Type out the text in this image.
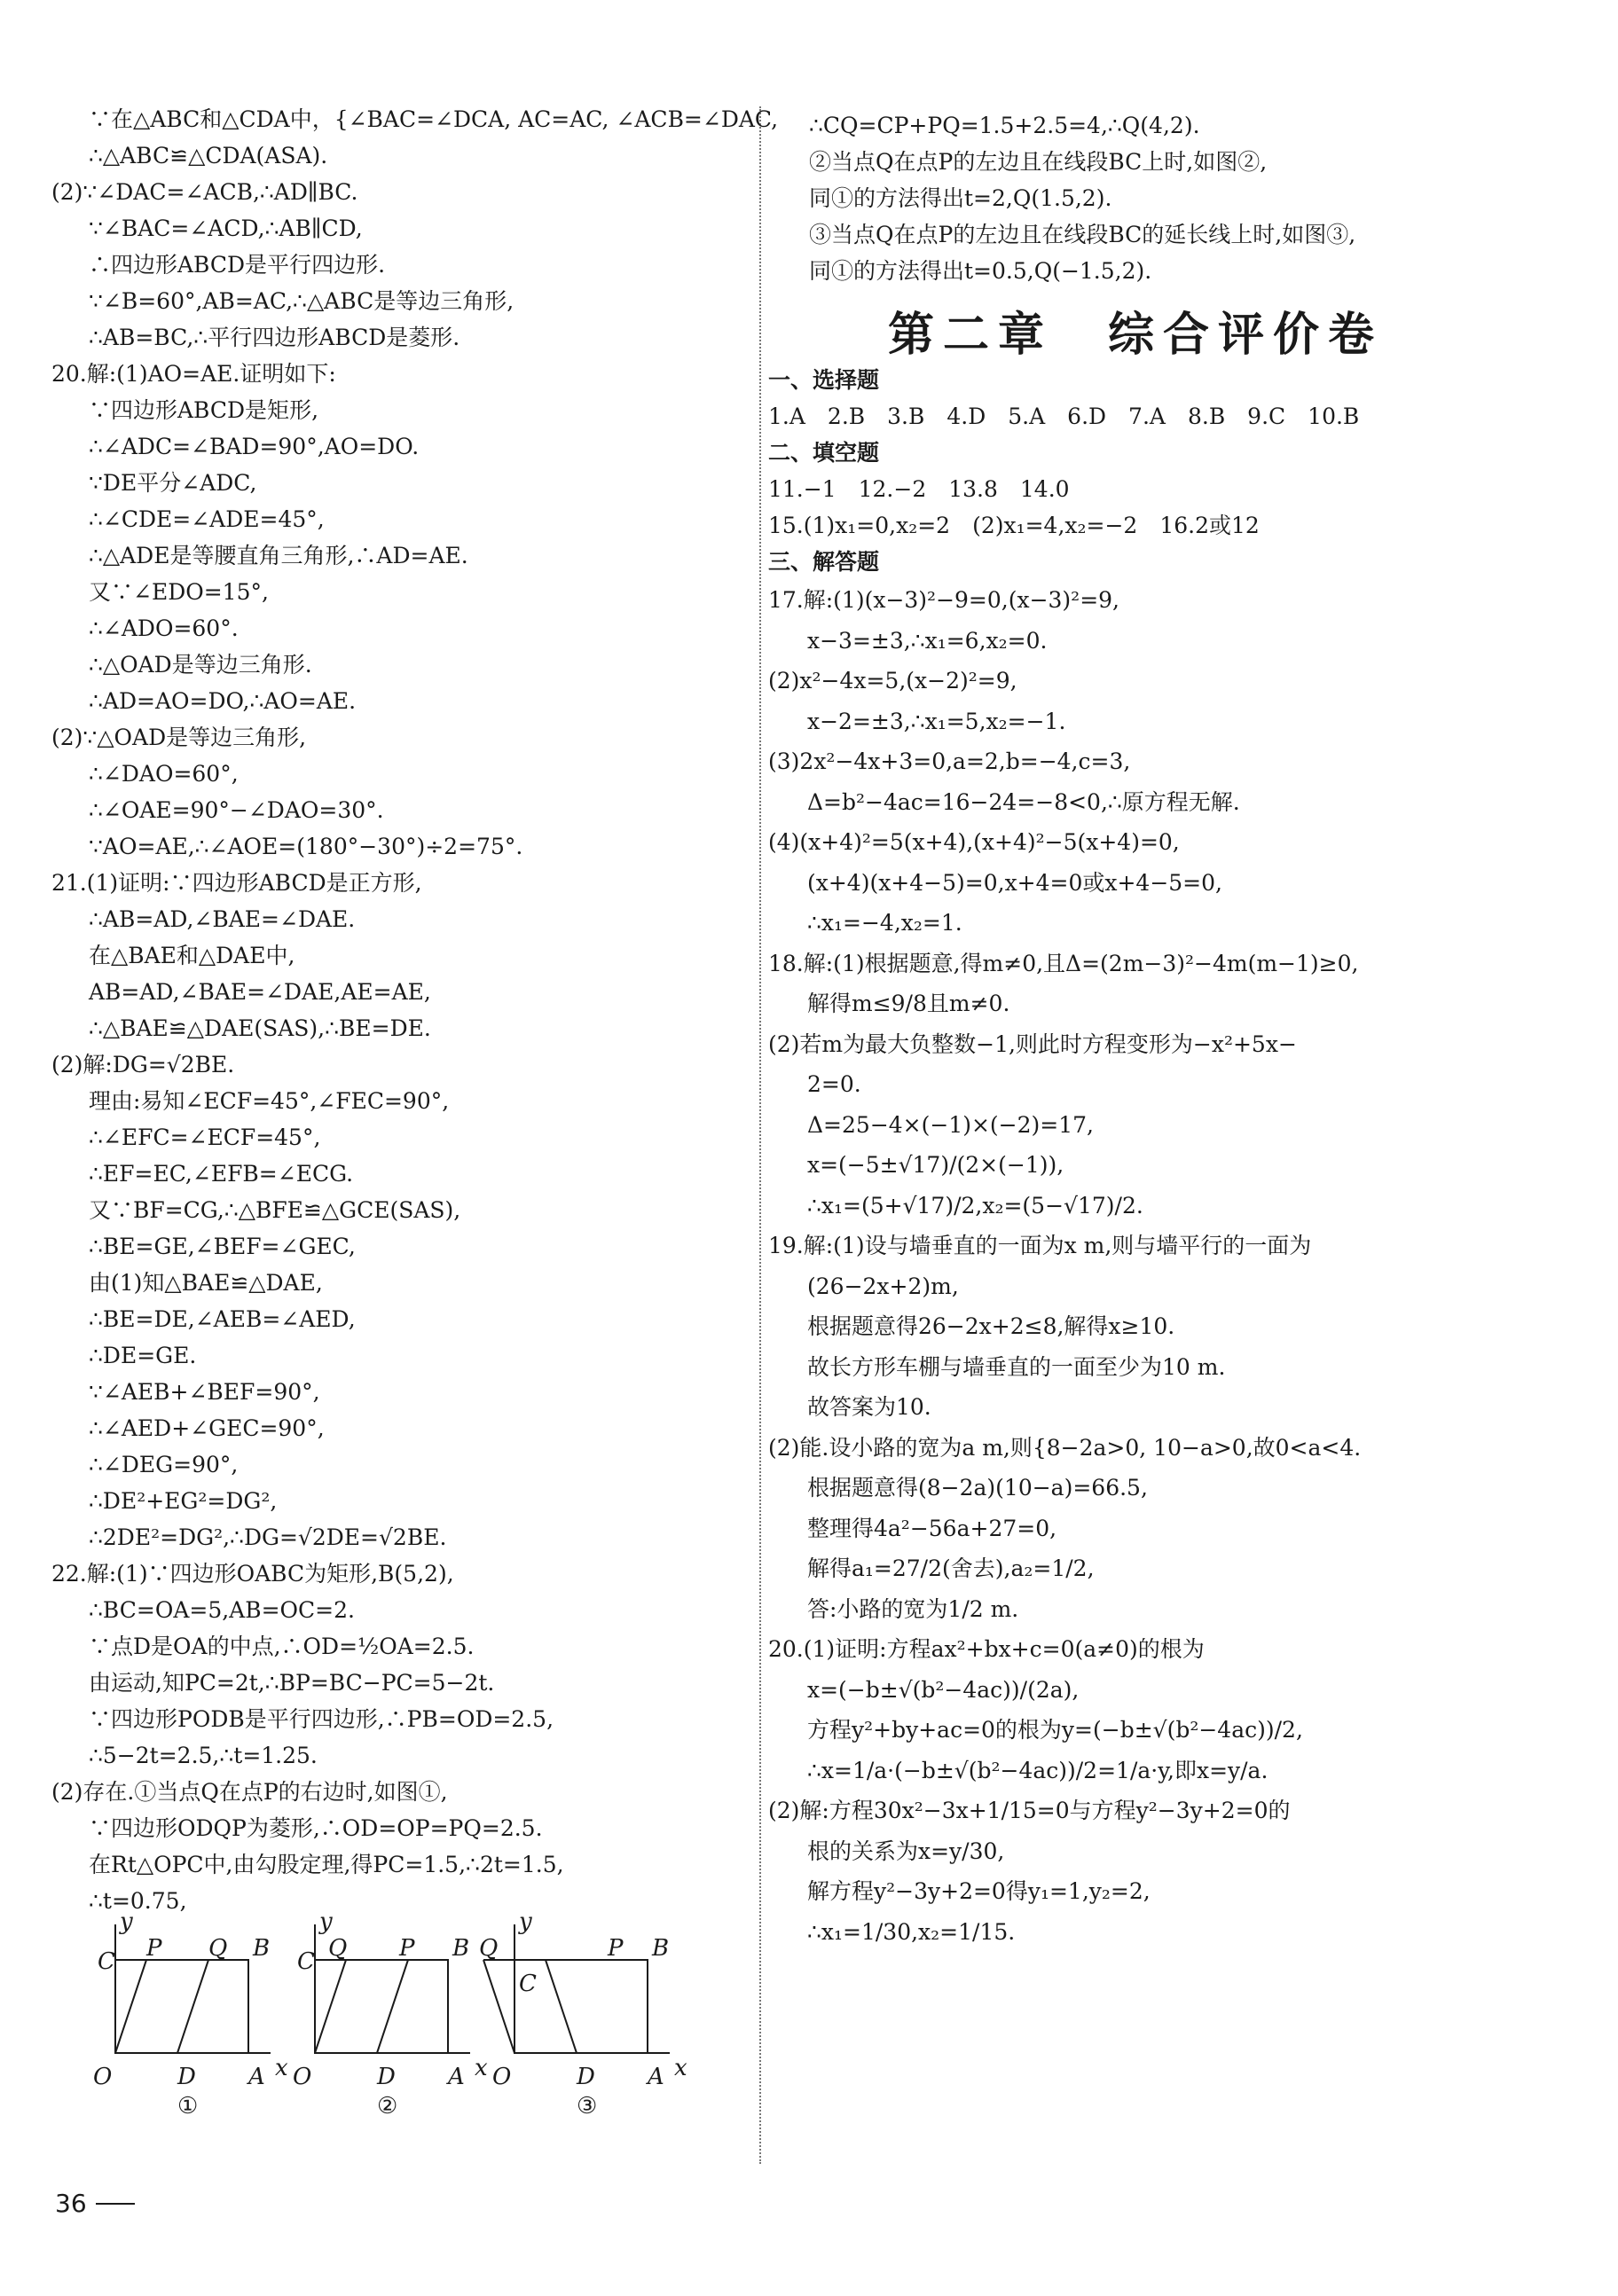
∵在△ABC和△CDA中，{∠BAC=∠DCA, AC=AC, ∠ACB=∠DAC,
∴△ABC≌△CDA(ASA).
(2)∵∠DAC=∠ACB,∴AD∥BC.
∵∠BAC=∠ACD,∴AB∥CD,
∴四边形ABCD是平行四边形.
∵∠B=60°,AB=AC,∴△ABC是等边三角形,
∴AB=BC,∴平行四边形ABCD是菱形.
20.解:(1)AO=AE.证明如下:
∵四边形ABCD是矩形,
∴∠ADC=∠BAD=90°,AO=DO.
∵DE平分∠ADC,
∴∠CDE=∠ADE=45°,
∴△ADE是等腰直角三角形,∴AD=AE.
又∵∠EDO=15°,
∴∠ADO=60°.
∴△OAD是等边三角形.
∴AD=AO=DO,∴AO=AE.
(2)∵△OAD是等边三角形,
∴∠DAO=60°,
∴∠OAE=90°−∠DAO=30°.
∵AO=AE,∴∠AOE=(180°−30°)÷2=75°.
21.(1)证明:∵四边形ABCD是正方形,
∴AB=AD,∠BAE=∠DAE.
在△BAE和△DAE中,
AB=AD,∠BAE=∠DAE,AE=AE,
∴△BAE≌△DAE(SAS),∴BE=DE.
(2)解:DG=√2BE.
理由:易知∠ECF=45°,∠FEC=90°,
∴∠EFC=∠ECF=45°,
∴EF=EC,∠EFB=∠ECG.
又∵BF=CG,∴△BFE≌△GCE(SAS),
∴BE=GE,∠BEF=∠GEC,
由(1)知△BAE≌△DAE,
∴BE=DE,∠AEB=∠AED,
∴DE=GE.
∵∠AEB+∠BEF=90°,
∴∠AED+∠GEC=90°,
∴∠DEG=90°,
∴DE²+EG²=DG²,
∴2DE²=DG²,∴DG=√2DE=√2BE.
22.解:(1)∵四边形OABC为矩形,B(5,2),
∴BC=OA=5,AB=OC=2.
∵点D是OA的中点,∴OD=½OA=2.5.
由运动,知PC=2t,∴BP=BC−PC=5−2t.
∵四边形PODB是平行四边形,∴PB=OD=2.5,
∴5−2t=2.5,∴t=1.25.
(2)存在.①当点Q在点P的右边时,如图①,
∵四边形ODQP为菱形,∴OD=OP=PQ=2.5.
在Rt△OPC中,由勾股定理,得PC=1.5,∴2t=1.5,
∴t=0.75,
∴CQ=CP+PQ=1.5+2.5=4,∴Q(4,2).
②当点Q在点P的左边且在线段BC上时,如图②,
同①的方法得出t=2,Q(1.5,2).
③当点Q在点P的左边且在线段BC的延长线上时,如图③,
同①的方法得出t=0.5,Q(−1.5,2).
第二章　综合评价卷
一、选择题
1.A　2.B　3.B　4.D　5.A　6.D　7.A　8.B　9.C　10.B
二、填空题
11.−1　12.−2　13.8　14.0
15.(1)x₁=0,x₂=2　(2)x₁=4,x₂=−2　16.2或12
三、解答题
17.解:(1)(x−3)²−9=0,(x−3)²=9,
x−3=±3,∴x₁=6,x₂=0.
(2)x²−4x=5,(x−2)²=9,
x−2=±3,∴x₁=5,x₂=−1.
(3)2x²−4x+3=0,a=2,b=−4,c=3,
Δ=b²−4ac=16−24=−8<0,∴原方程无解.
(4)(x+4)²=5(x+4),(x+4)²−5(x+4)=0,
(x+4)(x+4−5)=0,x+4=0或x+4−5=0,
∴x₁=−4,x₂=1.
18.解:(1)根据题意,得m≠0,且Δ=(2m−3)²−4m(m−1)≥0,
解得m≤9/8且m≠0.
(2)若m为最大负整数−1,则此时方程变形为−x²+5x−
2=0.
Δ=25−4×(−1)×(−2)=17,
x=(−5±√17)/(2×(−1)),
∴x₁=(5+√17)/2,x₂=(5−√17)/2.
19.解:(1)设与墙垂直的一面为x m,则与墙平行的一面为
(26−2x+2)m,
根据题意得26−2x+2≤8,解得x≥10.
故长方形车棚与墙垂直的一面至少为10 m.
故答案为10.
(2)能.设小路的宽为a m,则{8−2a>0, 10−a>0,故0<a<4.
根据题意得(8−2a)(10−a)=66.5,
整理得4a²−56a+27=0,
解得a₁=27/2(舍去),a₂=1/2,
答:小路的宽为1/2 m.
20.(1)证明:方程ax²+bx+c=0(a≠0)的根为
x=(−b±√(b²−4ac))/(2a),
方程y²+by+ac=0的根为y=(−b±√(b²−4ac))/2,
∴x=1/a·(−b±√(b²−4ac))/2=1/a·y,即x=y/a.
(2)解:方程30x²−3x+1/15=0与方程y²−3y+2=0的
根的关系为x=y/30,
解方程y²−3y+2=0得y₁=1,y₂=2,
∴x₁=1/30,x₂=1/15.
y
C P Q B
O	D A x
①
y
C Q P B
O	D A x
②
y
Q
C
P B
O	D A x
③
36
